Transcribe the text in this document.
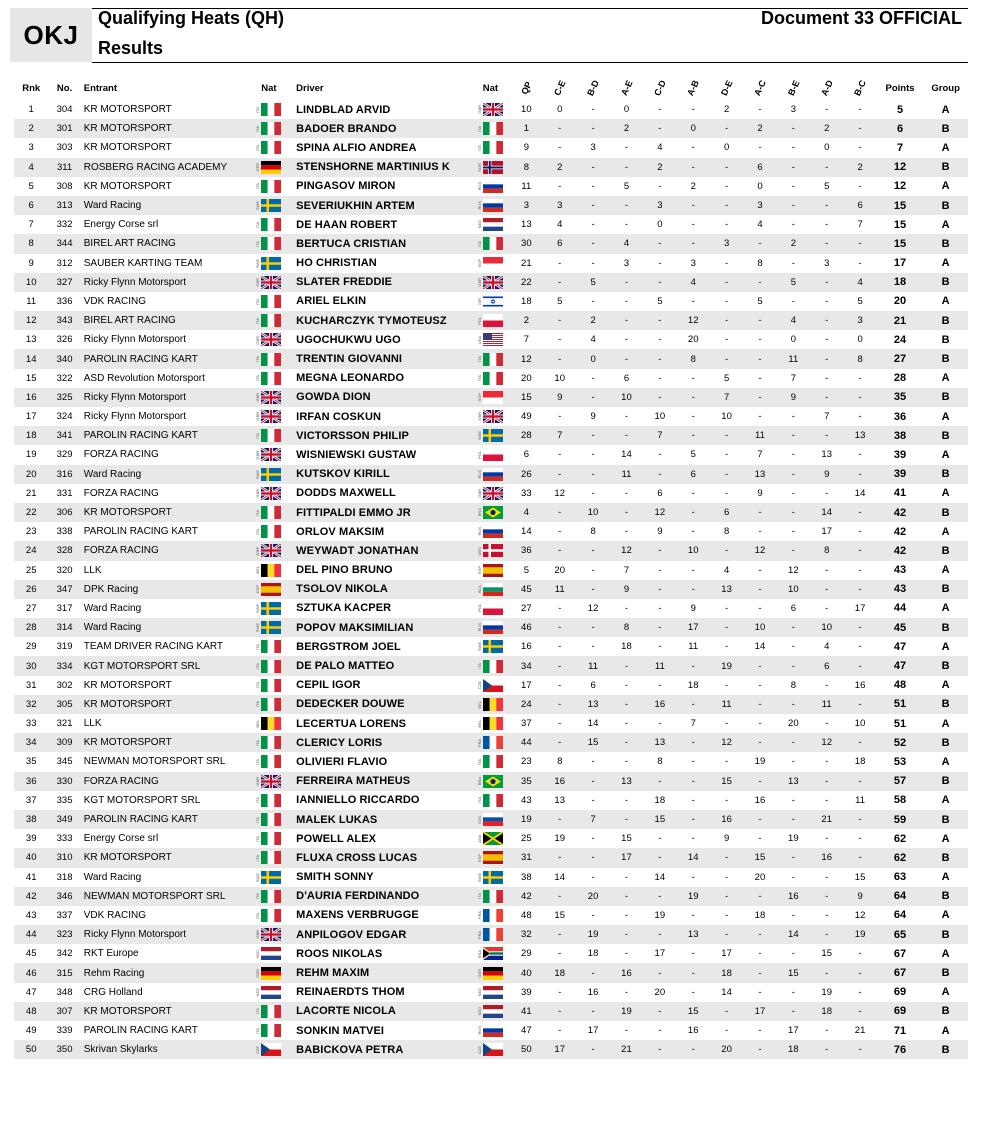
OKJ
Qualifying Heats (QH)
Results
Document 33 OFFICIAL
Rnk	No.	Entrant	Nat	Driver	Nat	QP	C-E	B-D	A-E	C-D	A-B	D-E	A-C	B-E	A-D	B-C	Points	Group
1	304	KR MOTORSPORT	ITA	LINDBLAD ARVID	GBR	10	0	-	0	-	-	2	-	3	-	-	5	A
2	301	KR MOTORSPORT	ITA	BADOER BRANDO	ITA	1	-	-	2	-	0	-	2	-	2	-	6	B
3	303	KR MOTORSPORT	ITA	SPINA ALFIO ANDREA	ITA	9	-	3	-	4	-	0	-	-	0	-	7	A
4	311	ROSBERG RACING ACADEMY	GER	STENSHORNE MARTINIUS K	NOR	8	2	-	-	2	-	-	6	-	-	2	12	B
5	308	KR MOTORSPORT	ITA	PINGASOV MIRON	RUS	11	-	-	5	-	2	-	0	-	5	-	12	A
6	313	Ward Racing	SWE	SEVERIUKHIN ARTEM	RUS	3	3	-	-	3	-	-	3	-	-	6	15	B
7	332	Energy Corse srl	ITA	DE HAAN ROBERT	NED	13	4	-	-	0	-	-	4	-	-	7	15	A
8	344	BIREL ART RACING	ITA	BERTUCA CRISTIAN	ITA	30	6	-	4	-	-	3	-	2	-	-	15	B
9	312	SAUBER KARTING TEAM	SWE	HO CHRISTIAN	SGP	21	-	-	3	-	3	-	8	-	3	-	17	A
10	327	Ricky Flynn Motorsport	GBR	SLATER FREDDIE	GBR	22	-	5	-	-	4	-	-	5	-	4	18	B
11	336	VDK RACING	ITA	ARIEL ELKIN	ISR	18	5	-	-	5	-	-	5	-	-	5	20	A
12	343	BIREL ART RACING	ITA	KUCHARCZYK TYMOTEUSZ	POL	2	-	2	-	-	12	-	-	4	-	3	21	B
13	326	Ricky Flynn Motorsport	GBR	UGOCHUKWU UGO	USA	7	-	4	-	-	20	-	-	0	-	0	24	B
14	340	PAROLIN RACING KART	ITA	TRENTIN GIOVANNI	ITA	12	-	0	-	-	8	-	-	11	-	8	27	B
15	322	ASD Revolution Motorsport	ITA	MEGNA LEONARDO	ITA	20	10	-	6	-	-	5	-	7	-	-	28	A
16	325	Ricky Flynn Motorsport	GBR	GOWDA DION	SGP	15	9	-	10	-	-	7	-	9	-	-	35	B
17	324	Ricky Flynn Motorsport	GBR	IRFAN COSKUN	GBR	49	-	9	-	10	-	10	-	-	7	-	36	A
18	341	PAROLIN RACING KART	ITA	VICTORSSON PHILIP	SWE	28	7	-	-	7	-	-	11	-	-	13	38	B
19	329	FORZA RACING	GBR	WISNIEWSKI GUSTAW	POL	6	-	-	14	-	5	-	7	-	13	-	39	A
20	316	Ward Racing	SWE	KUTSKOV KIRILL	RUS	26	-	-	11	-	6	-	13	-	9	-	39	B
21	331	FORZA RACING	GBR	DODDS MAXWELL	GBR	33	12	-	-	6	-	-	9	-	-	14	41	A
22	306	KR MOTORSPORT	ITA	FITTIPALDI EMMO JR	BRA	4	-	10	-	12	-	6	-	-	14	-	42	B
23	338	PAROLIN RACING KART	ITA	ORLOV MAKSIM	RUS	14	-	8	-	9	-	8	-	-	17	-	42	A
24	328	FORZA RACING	GBR	WEYWADT JONATHAN	DEN	36	-	-	12	-	10	-	12	-	8	-	42	B
25	320	LLK	BEL	DEL PINO BRUNO	ESP	5	20	-	7	-	-	4	-	12	-	-	43	A
26	347	DPK Racing	ESP	TSOLOV NIKOLA	BUL	45	11	-	9	-	-	13	-	10	-	-	43	B
27	317	Ward Racing	SWE	SZTUKA KACPER	POL	27	-	12	-	-	9	-	-	6	-	17	44	A
28	314	Ward Racing	SWE	POPOV MAKSIMILIAN	RUS	46	-	-	8	-	17	-	10	-	10	-	45	B
29	319	TEAM DRIVER RACING KART	ITA	BERGSTROM JOEL	SWE	16	-	-	18	-	11	-	14	-	4	-	47	A
30	334	KGT MOTORSPORT SRL	ITA	DE PALO MATTEO	ITA	34	-	11	-	11	-	19	-	-	6	-	47	B
31	302	KR MOTORSPORT	ITA	CEPIL IGOR	CZE	17	-	6	-	-	18	-	-	8	-	16	48	A
32	305	KR MOTORSPORT	ITA	DEDECKER DOUWE	BEL	24	-	13	-	16	-	11	-	-	11	-	51	B
33	321	LLK	BEL	LECERTUA LORENS	BEL	37	-	14	-	-	7	-	-	20	-	10	51	A
34	309	KR MOTORSPORT	ITA	CLERICY LORIS	FRA	44	-	15	-	13	-	12	-	-	12	-	52	B
35	345	NEWMAN MOTORSPORT SRL	ITA	OLIVIERI FLAVIO	ITA	23	8	-	-	8	-	-	19	-	-	18	53	A
36	330	FORZA RACING	GBR	FERREIRA MATHEUS	BRA	35	16	-	13	-	-	15	-	13	-	-	57	B
37	335	KGT MOTORSPORT SRL	ITA	IANNIELLO RICCARDO	ITA	43	13	-	-	18	-	-	16	-	-	11	58	A
38	349	PAROLIN RACING KART	ITA	MALEK LUKAS	SVK	19	-	7	-	15	-	16	-	-	21	-	59	B
39	333	Energy Corse srl	ITA	POWELL ALEX	JAM	25	19	-	15	-	-	9	-	19	-	-	62	A
40	310	KR MOTORSPORT	ITA	FLUXA CROSS LUCAS	ESP	31	-	-	17	-	14	-	15	-	16	-	62	B
41	318	Ward Racing	SWE	SMITH SONNY	SWE	38	14	-	-	14	-	-	20	-	-	15	63	A
42	346	NEWMAN MOTORSPORT SRL	ITA	D'AURIA FERDINANDO	ITA	42	-	20	-	-	19	-	-	16	-	9	64	B
43	337	VDK RACING	ITA	MAXENS VERBRUGGE	FRA	48	15	-	-	19	-	-	18	-	-	12	64	A
44	323	Ricky Flynn Motorsport	GBR	ANPILOGOV EDGAR	FRA	32	-	19	-	-	13	-	-	14	-	19	65	B
45	342	RKT Europe	NED	ROOS NIKOLAS	RSA	29	-	18	-	17	-	17	-	-	15	-	67	A
46	315	Rehm Racing	GER	REHM MAXIM	GER	40	18	-	16	-	-	18	-	15	-	-	67	B
47	348	CRG Holland	NED	REINAERDTS THOM	NED	39	-	16	-	20	-	14	-	-	19	-	69	A
48	307	KR MOTORSPORT	ITA	LACORTE NICOLA	NED	41	-	-	19	-	15	-	17	-	18	-	69	B
49	339	PAROLIN RACING KART	ITA	SONKIN MATVEI	RUS	47	-	17	-	-	16	-	-	17	-	21	71	A
50	350	Skrivan Skylarks	CZE	BABICKOVA PETRA	CZE	50	17	-	21	-	-	20	-	18	-	-	76	B
